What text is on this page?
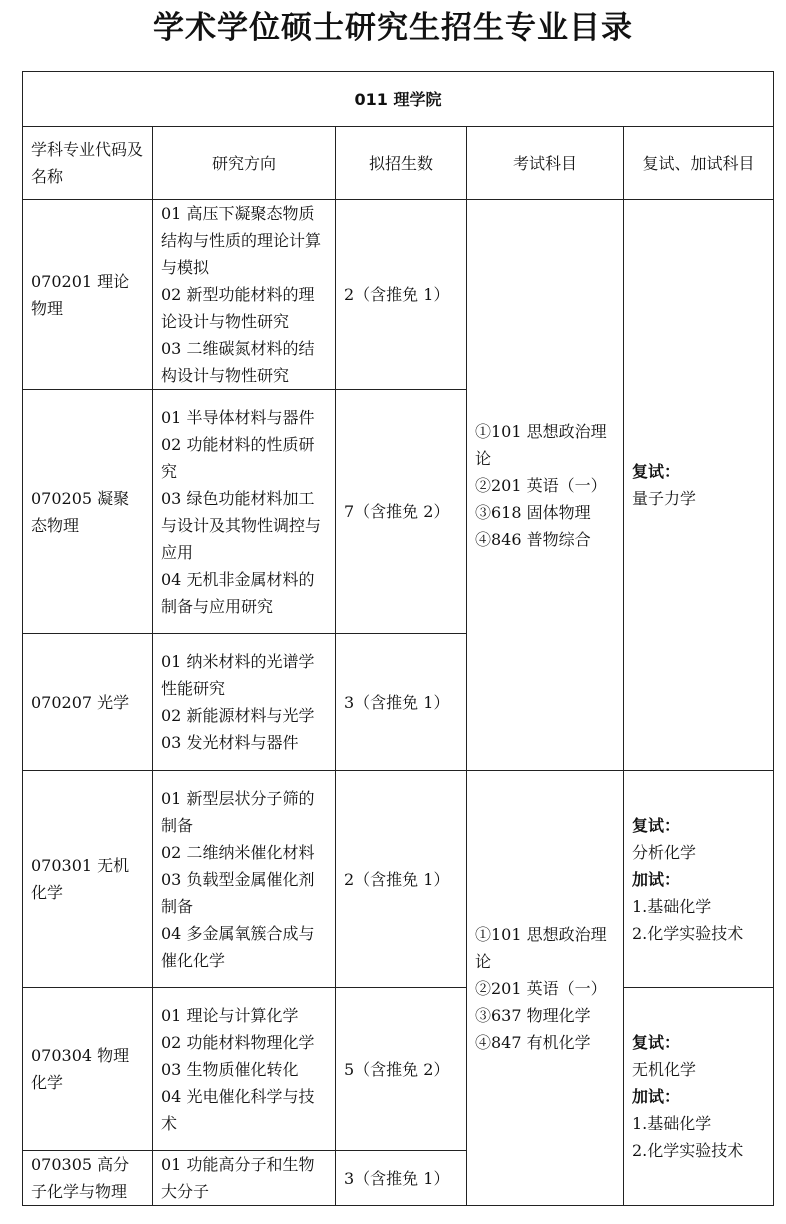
学术学位硕士研究生招生专业目录
011 理学院				
学科专业代码及名称	研究方向	拟招生数	考试科目	复试、加试科目
070201 理论物理	01 高压下凝聚态物质结构与性质的理论计算与模拟
02 新型功能材料的理论设计与物性研究
03 二维碳氮材料的结构设计与物性研究	2（含推免 1）	①101 思想政治理论
②201 英语（一）
③618 固体物理
④846 普物综合	复试：
量子力学

070205 凝聚态物理	01 半导体材料与器件
02 功能材料的性质研究
03 绿色功能材料加工与设计及其物性调控与应用
04 无机非金属材料的制备与应用研究	7（含推免 2）		
070207 光学	01 纳米材料的光谱学性能研究
02 新能源材料与光学
03 发光材料与器件	3（含推免 1）		
070301 无机化学	01 新型层状分子筛的制备
02 二维纳米催化材料
03 负载型金属催化剂制备
04 多金属氧簇合成与催化化学	2（含推免 1）	①101 思想政治理论
②201 英语（一）
③637 物理化学
④847 有机化学	复试：
分析化学
加试：
1.基础化学
2.化学实验技术

070304 物理化学	01 理论与计算化学
02 功能材料物理化学
03 生物质催化转化
04 光电催化科学与技术	5（含推免 2）		复试：
无机化学
加试：
1.基础化学
2.化学实验技术

070305 高分子化学与物理	01 功能高分子和生物大分子	3（含推免 1）		
